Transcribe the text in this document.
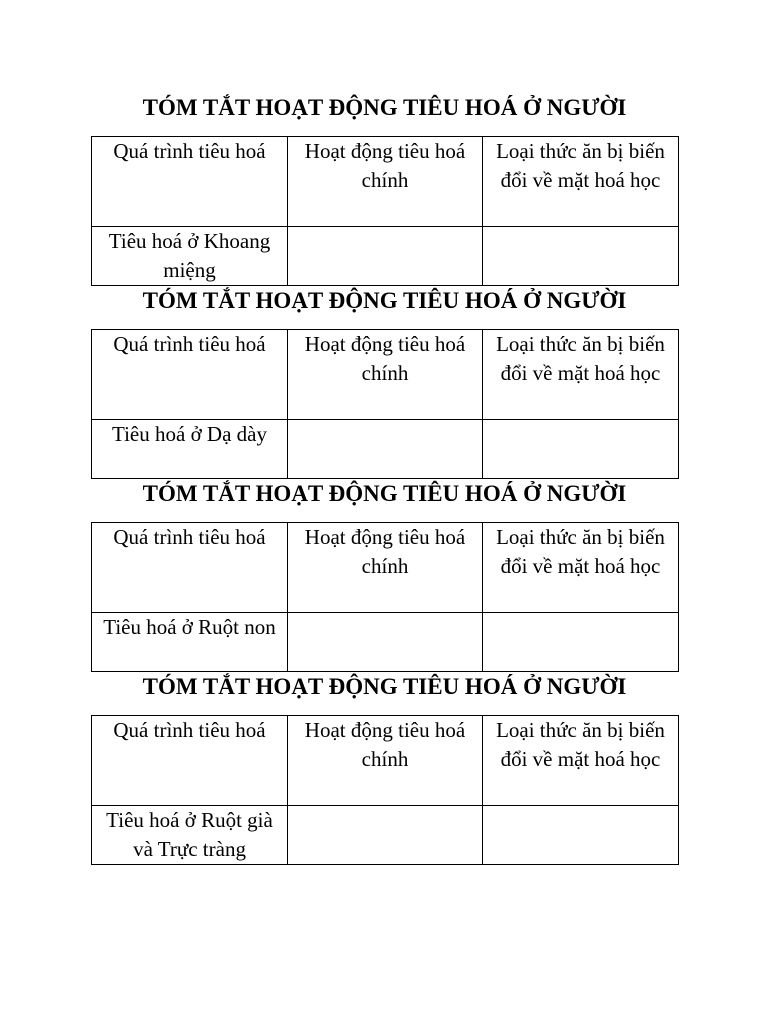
TÓM TẮT HOẠT ĐỘNG TIÊU HOÁ Ở NGƯỜI
Quá trình tiêu hoá	Hoạt động tiêu hoá chính	Loại thức ăn bị biến đổi về mặt hoá học
Tiêu hoá ở Khoang miệng		
TÓM TẮT HOẠT ĐỘNG TIÊU HOÁ Ở NGƯỜI
Quá trình tiêu hoá	Hoạt động tiêu hoá chính	Loại thức ăn bị biến đổi về mặt hoá học
Tiêu hoá ở Dạ dày		
TÓM TẮT HOẠT ĐỘNG TIÊU HOÁ Ở NGƯỜI
Quá trình tiêu hoá	Hoạt động tiêu hoá chính	Loại thức ăn bị biến đổi về mặt hoá học
Tiêu hoá ở Ruột non		
TÓM TẮT HOẠT ĐỘNG TIÊU HOÁ Ở NGƯỜI
Quá trình tiêu hoá	Hoạt động tiêu hoá chính	Loại thức ăn bị biến đổi về mặt hoá học
Tiêu hoá ở Ruột già và Trực tràng		
